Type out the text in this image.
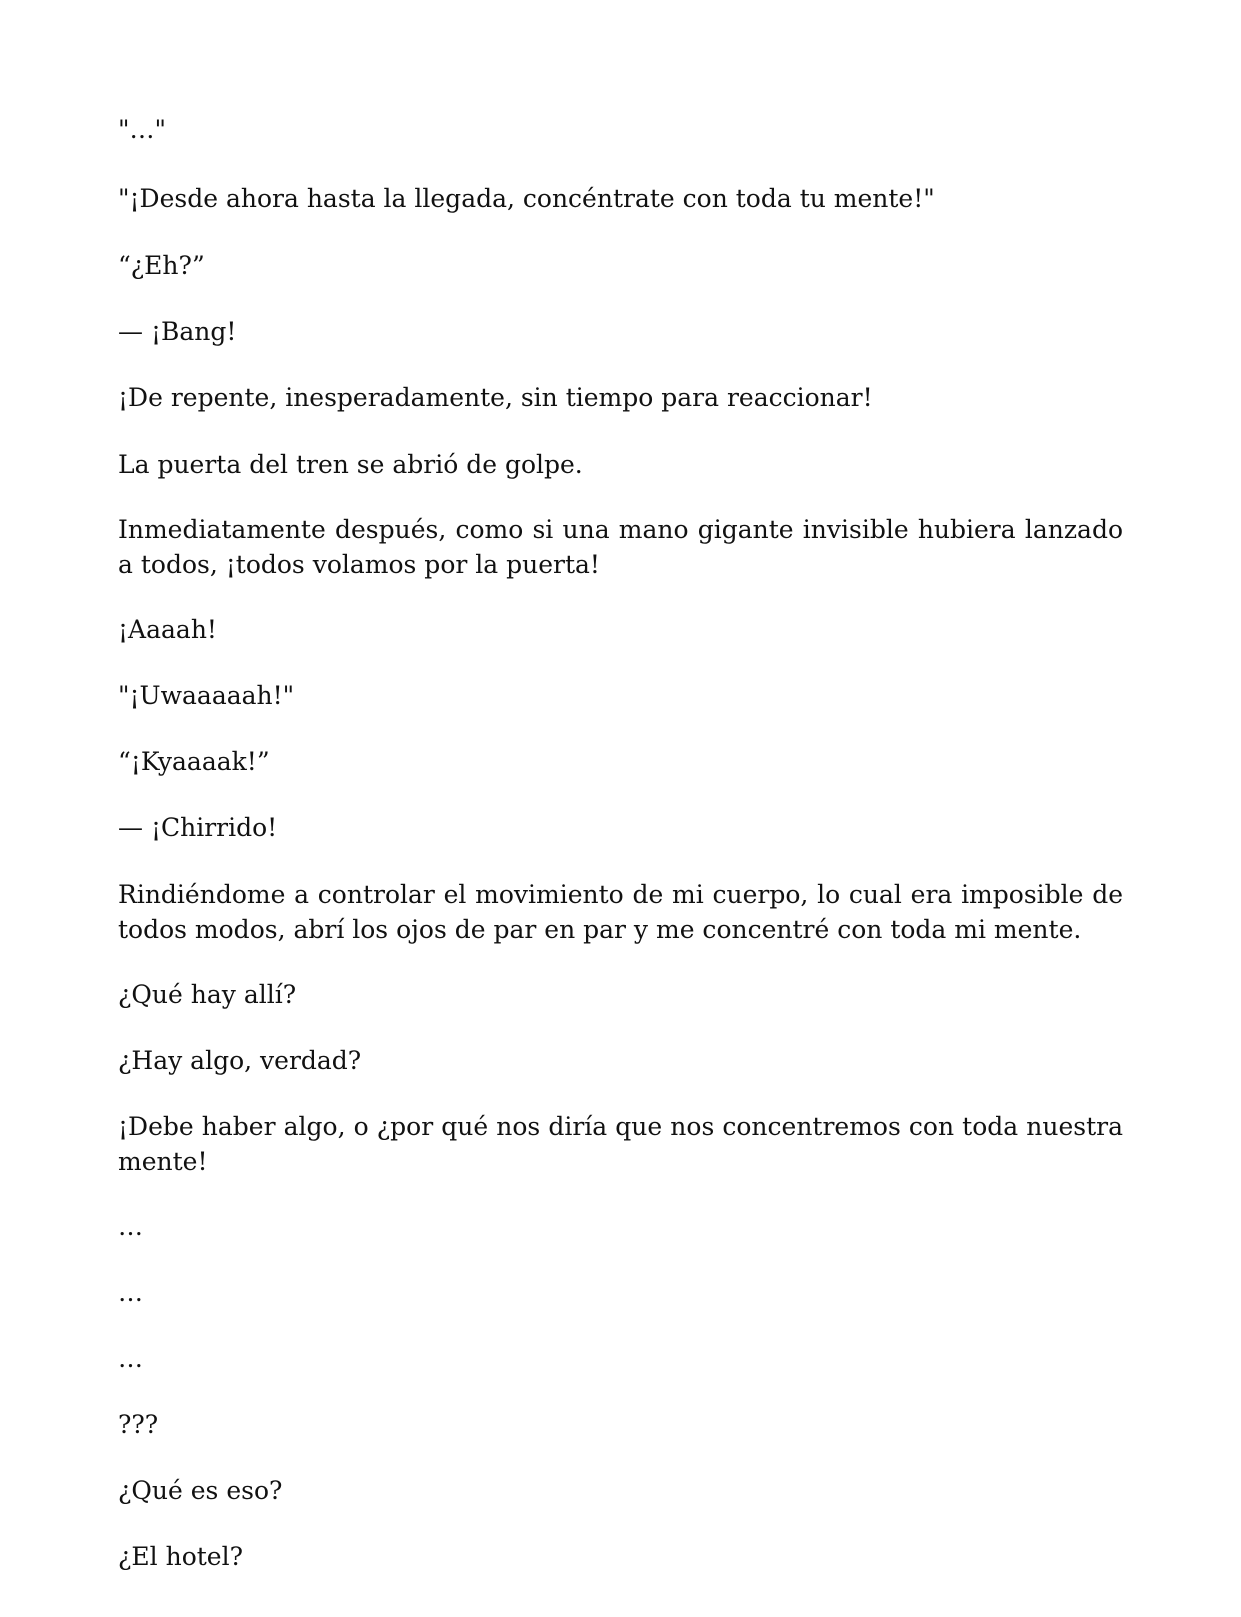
"…"

"¡Desde ahora hasta la llegada, concéntrate con toda tu mente!"

“¿Eh?”

— ¡Bang!

¡De repente, inesperadamente, sin tiempo para reaccionar!

La puerta del tren se abrió de golpe.

Inmediatamente después, como si una mano gigante invisible hubiera lanzado a todos, ¡todos volamos por la puerta!

¡Aaaah!

"¡Uwaaaaah!"

“¡Kyaaaak!”

— ¡Chirrido!

Rindiéndome a controlar el movimiento de mi cuerpo, lo cual era imposible de todos modos, abrí los ojos de par en par y me concentré con toda mi mente.

¿Qué hay allí?

¿Hay algo, verdad?

¡Debe haber algo, o ¿por qué nos diría que nos concentremos con toda nuestra mente!

…

…

…

???

¿Qué es eso?

¿El hotel?
